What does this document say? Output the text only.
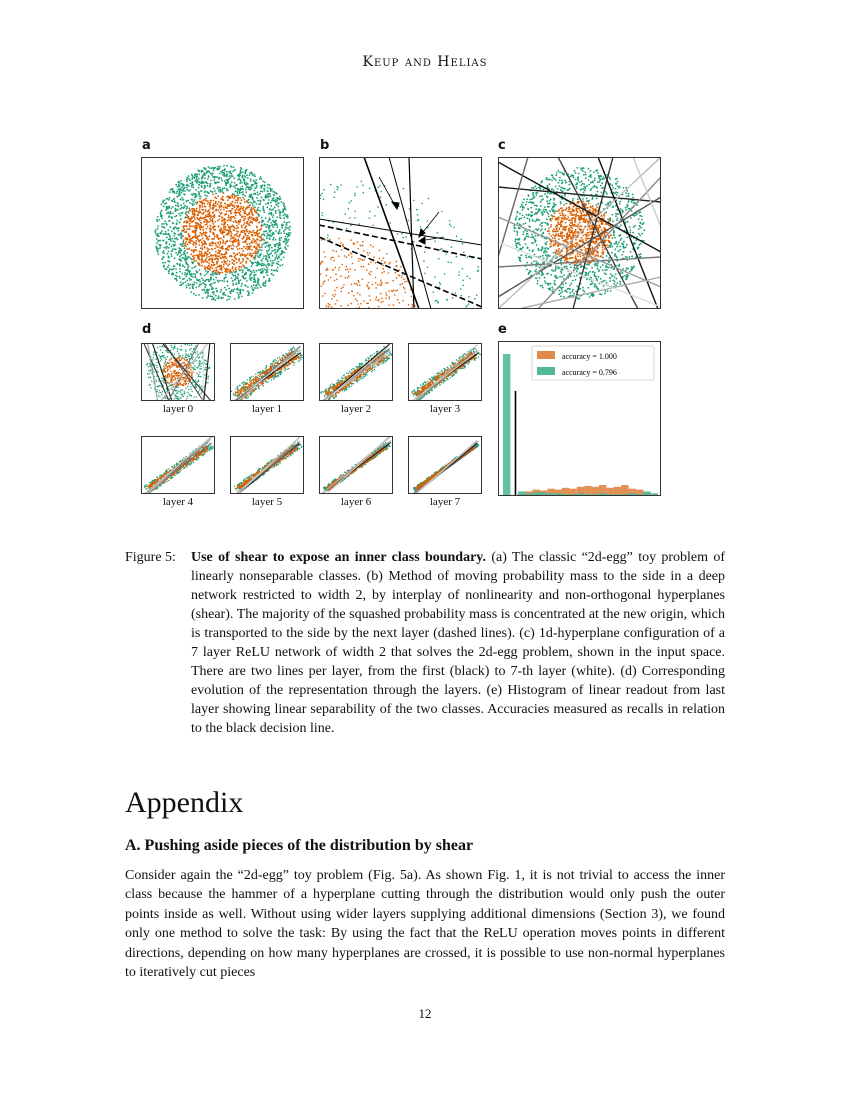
Keup and Helias
a	b	c
d	e
layer 0	layer 1	layer 2	layer 3
layer 4	layer 5	layer 6	layer 7
accuracy = 1.000
accuracy = 0.796
Figure 5: Use of shear to expose an inner class boundary. (a) The classic “2d-egg” toy problem of linearly nonseparable classes. (b) Method of moving probability mass to the side in a deep network restricted to width 2, by interplay of nonlinearity and non-orthogonal hyperplanes (shear). The majority of the squashed probability mass is concentrated at the new origin, which is transported to the side by the next layer (dashed lines). (c) 1d-hyperplane configuration of a 7 layer ReLU network of width 2 that solves the 2d-egg problem, shown in the input space. There are two lines per layer, from the first (black) to 7-th layer (white). (d) Corresponding evolution of the representation through the layers. (e) Histogram of linear readout from last layer showing linear separability of the two classes. Accuracies measured as recalls in relation to the black decision line.
Appendix
A. Pushing aside pieces of the distribution by shear
Consider again the “2d-egg” toy problem (Fig. 5a). As shown Fig. 1, it is not trivial to access the inner class because the hammer of a hyperplane cutting through the distribution would only push the outer points inside as well. Without using wider layers supplying additional dimensions (Section 3), we found only one method to solve the task: By using the fact that the ReLU operation moves points in different directions, depending on how many hyperplanes are crossed, it is possible to use non-normal hyperplanes to iteratively cut pieces
12
